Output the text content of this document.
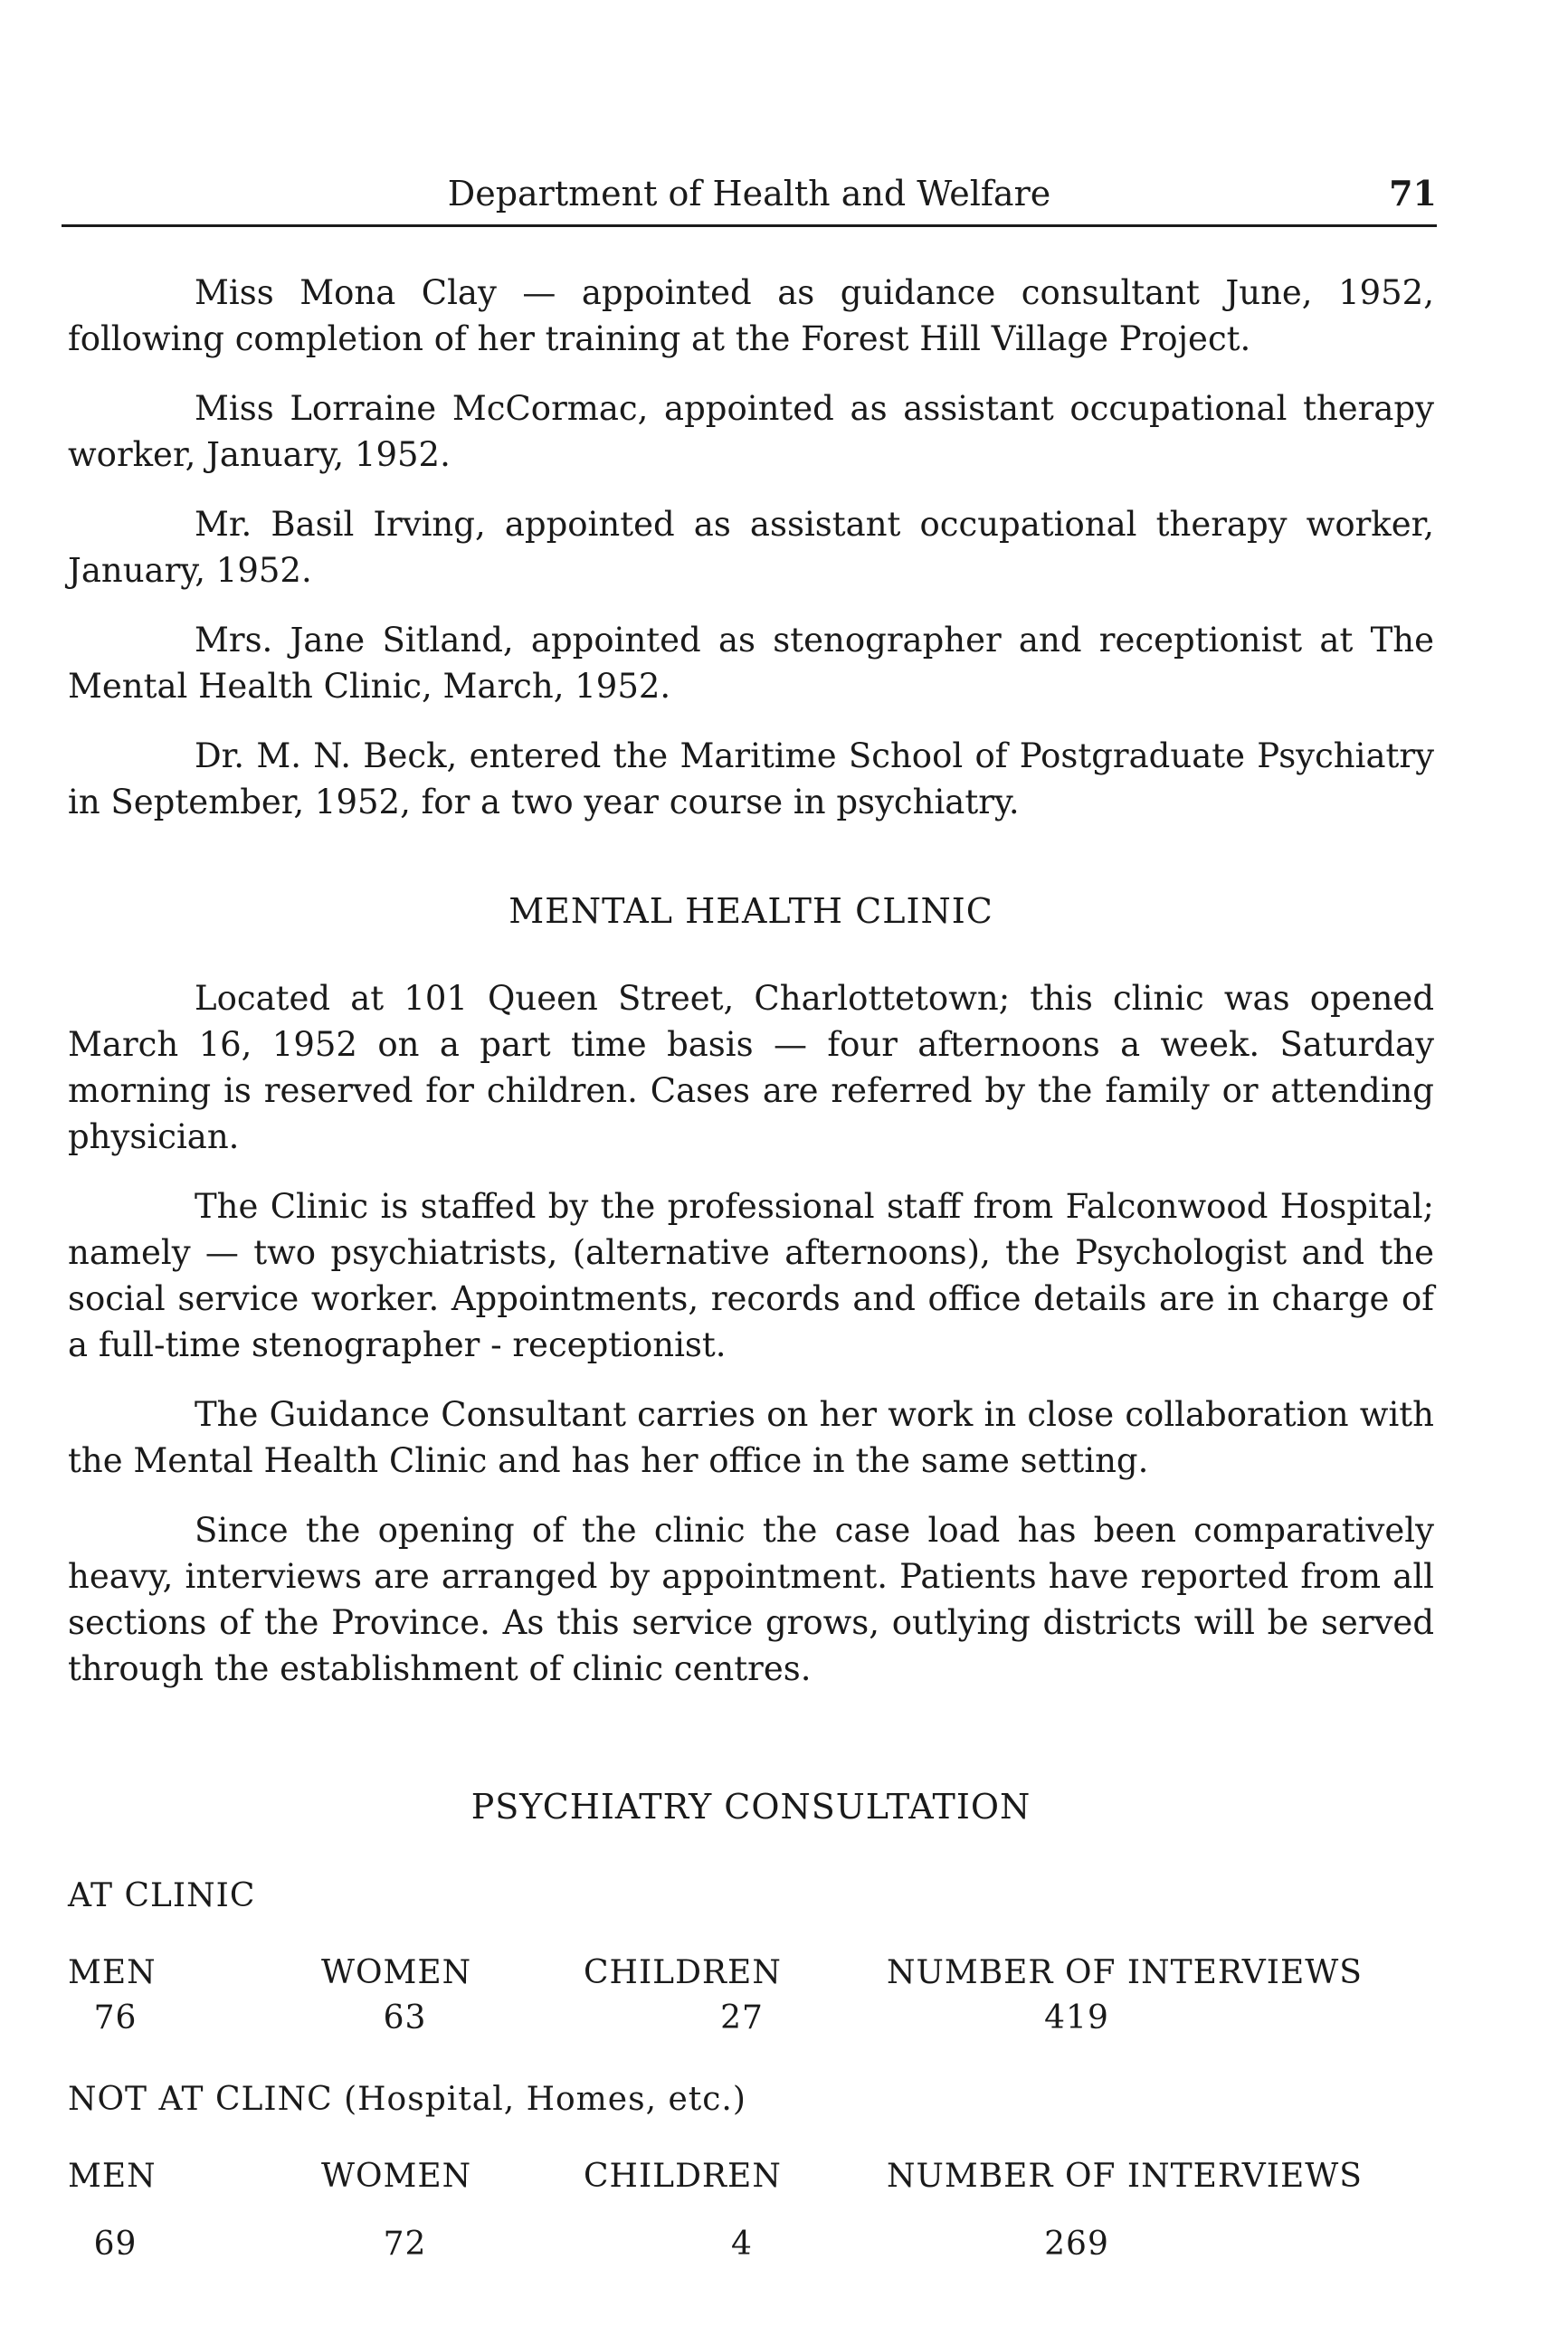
Department of Health and Welfare	71

Miss Mona Clay — appointed as guidance consultant June, 1952, following completion of her training at the Forest Hill Village Project.

Miss Lorraine McCormac, appointed as assistant occupational therapy worker, January, 1952.

Mr. Basil Irving, appointed as assistant occupational therapy worker, January, 1952.

Mrs. Jane Sitland, appointed as stenographer and receptionist at The Mental Health Clinic, March, 1952.

Dr. M. N. Beck, entered the Maritime School of Postgraduate Psychiatry in September, 1952, for a two year course in psychiatry.

MENTAL HEALTH CLINIC

Located at 101 Queen Street, Charlottetown; this clinic was opened March 16, 1952 on a part time basis — four afternoons a week. Saturday morning is reserved for children. Cases are referred by the family or attending physician.

The Clinic is staffed by the professional staff from Falconwood Hospital; namely — two psychiatrists, (alternative afternoons), the Psychologist and the social service worker. Appointments, records and office details are in charge of a full-time stenographer - receptionist.

The Guidance Consultant carries on her work in close collaboration with the Mental Health Clinic and has her office in the same setting.

Since the opening of the clinic the case load has been comparatively heavy, interviews are arranged by appointment. Patients have reported from all sections of the Province. As this service grows, outlying districts will be served through the establishment of clinic centres.

PSYCHIATRY CONSULTATION
AT CLINIC
MEN	WOMEN	CHILDREN	NUMBER OF INTERVIEWS
76	63	27	419
NOT AT CLINC (Hospital, Homes, etc.)
MEN	WOMEN	CHILDREN	NUMBER OF INTERVIEWS
69	72	4	269
